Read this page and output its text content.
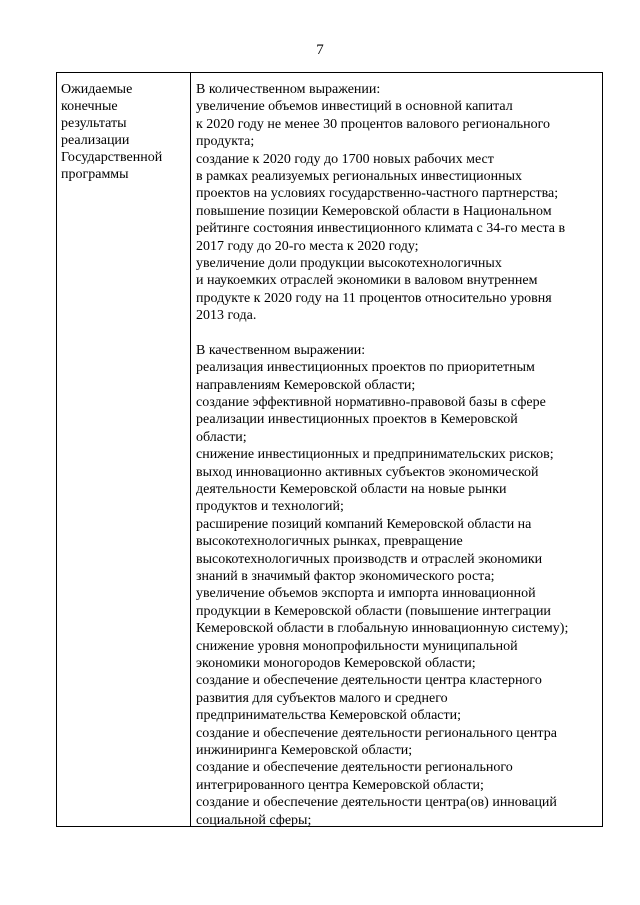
7
Ожидаемые
конечные
результаты
реализации
Государственной
программы
В количественном выражении:
увеличение объемов инвестиций в основной капитал
к 2020 году не менее 30 процентов валового регионального
продукта;
создание к 2020 году до 1700 новых рабочих мест
в рамках реализуемых региональных инвестиционных
проектов на условиях государственно-частного партнерства;
повышение позиции Кемеровской области в Национальном
рейтинге состояния инвестиционного климата с 34-го места в
2017 году до 20-го места к 2020 году;
увеличение доли продукции высокотехнологичных
и наукоемких отраслей экономики в валовом внутреннем
продукте к 2020 году на 11 процентов относительно уровня
2013 года.
В качественном выражении:
реализация инвестиционных проектов по приоритетным
направлениям Кемеровской области;
создание эффективной нормативно-правовой базы в сфере
реализации инвестиционных проектов в Кемеровской
области;
снижение инвестиционных и предпринимательских рисков;
выход инновационно активных субъектов экономической
деятельности Кемеровской области на новые рынки
продуктов и технологий;
расширение позиций компаний Кемеровской области на
высокотехнологичных рынках, превращение
высокотехнологичных производств и отраслей экономики
знаний в значимый фактор экономического роста;
увеличение объемов экспорта и импорта инновационной
продукции в Кемеровской области (повышение интеграции
Кемеровской области в глобальную инновационную систему);
снижение уровня монопрофильности муниципальной
экономики моногородов Кемеровской области;
создание и обеспечение деятельности центра кластерного
развития для субъектов малого и среднего
предпринимательства Кемеровской области;
создание и обеспечение деятельности регионального центра
инжиниринга Кемеровской области;
создание и обеспечение деятельности регионального
интегрированного центра Кемеровской области;
создание и обеспечение деятельности центра(ов) инноваций
социальной сферы;
